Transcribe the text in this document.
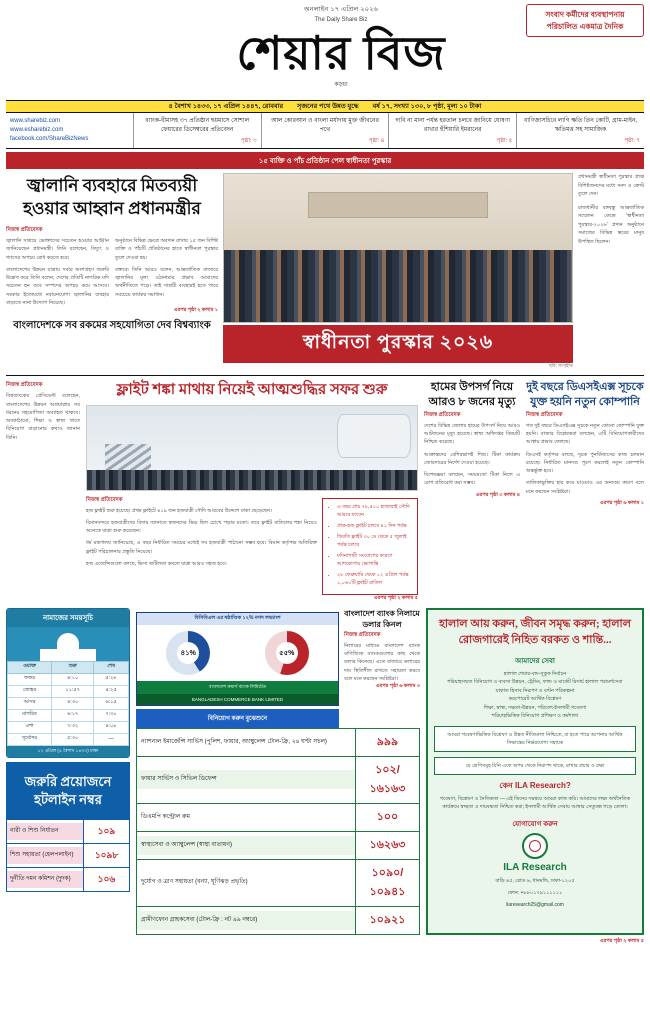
অনলাইন ১৭ এপ্রিল ২০২৬
The Daily Share Biz
শেয়ার বিজ
কড়চা
সংবাদ কর্মীদের ব্যবস্থাপনায় পরিচালিত একমাত্র দৈনিক
৪ বৈশাখ ১৪৩৩, ১৭ এপ্রিল ১৪৪৭, রোববার সৃজনের পথে উন্নত যুদ্ধে বর্ষ ১৭, সংখ্যা ১৩০, ৮ পৃষ্ঠা, মূল্য ১০ টাকা
www.sharebiz.com
www.esharebiz.com
facebook.com/ShareBizNews
ব্যাংক-বীমাসহ ৩৭ প্রতিষ্ঠান ছয়মাসে সোশাল ফেয়ারের ডিসেম্বরের প্রতিবেদন
পৃষ্ঠা: ৩
আল কোরআন ও বাংলা মর্যাদায় মুক্ত জীবনের পথে
পৃষ্ঠা: ৪
দাবি না মানা পর্যন্ত হরতাল চলবে জানিয়ে ঘোষণা রাখার হুঁশিয়ারি ইমরানের
পৃষ্ঠা: ৫
বাণিজ্যসচিবে লাগি ক্ষতি তিন কোটি, গ্রাম-মাইন, ঋতিমত্ত সহ সামাজিক
পৃষ্ঠা: ৭
১৫ ব্যক্তি ও পাঁচ প্রতিষ্ঠান পেল স্বাধীনতা পুরস্কার
জ্বালানি ব্যবহারে মিতব্যয়ী হওয়ার আহ্বান প্রধানমন্ত্রীর
নিজস্ব প্রতিবেদক

জ্বালানি সাশ্রয়ে ভোক্তাদের সচেতন হওয়ার আহ্বান জানিয়েছেন প্রধানমন্ত্রী। তিনি বলেছেন, বিদ্যুৎ ও গ্যাসের অপচয় রোধ করতে হবে।

বাংলাদেশের উন্নয়ন যাত্রায় সবার অংশগ্রহণ জরুরি উল্লেখ করে তিনি বলেন, দেশের প্রতিটি নাগরিক যদি সচেতন হন তবে সম্পদের অপচয় কমে আসবে। সরকার ইতোমধ্যে নবায়নযোগ্য জ্বালানির ব্যবহার বাড়াতে নানা উদ্যোগ নিয়েছে।

অনুষ্ঠানে বিভিন্ন ক্ষেত্রে অবদান রাখায় ১৫ জন বিশিষ্ট ব্যক্তি ও পাঁচটি প্রতিষ্ঠানের হাতে স্বাধীনতা পুরস্কার তুলে দেওয়া হয়।

বক্তব্যে তিনি আরও বলেন, আন্তর্জাতিক বাজারে জ্বালানির মূল্য ওঠানামার প্রভাব আমাদের অর্থনীতিতে পড়ে। তাই সাশ্রয়ী ব্যবহারই হতে পারে সবচেয়ে কার্যকর সমাধান।

এরপর পৃষ্ঠা ২ কলাম ১
বাংলাদেশকে সব রকমের সহযোগিতা দেব বিশ্বব্যাংক
স্বাধীনতা পুরস্কার ২০২৬
ছবি: সংগৃহীত

প্রধানমন্ত্রী স্বাধীনতা পুরস্কার প্রাপ্ত বিশিষ্টজনদের মধ্যে সনদ ও ক্রেস্ট তুলে দেন।

রাজধানীর বঙ্গবন্ধু আন্তর্জাতিক সম্মেলন কেন্দ্রে 'স্বাধীনতা পুরস্কার-২০২৬' প্রদান অনুষ্ঠানে সমাজের বিভিন্ন স্তরের মানুষ উপস্থিত ছিলেন।

নিজস্ব প্রতিবেদক
বিশ্বব্যাংকের প্রেসিডেন্ট বলেছেন, বাংলাদেশের উন্নয়ন অগ্রযাত্রায় সব ধরনের সহযোগিতা অব্যাহত থাকবে। অবকাঠামো, শিক্ষা ও স্বাস্থ্য খাতে বিনিয়োগ বাড়ানোর কথাও জানান তিনি।
ফ্লাইট শঙ্কা মাথায় নিয়েই আত্মশুদ্ধির সফর শুরু
নিজস্ব প্রতিবেদক

হজ ফ্লাইট শুরু হয়েছে। প্রথম ফ্লাইটে ৪১৯ জন হজযাত্রী সৌদি আরবের উদ্দেশে ঢাকা ছেড়েছেন।

বিমানবন্দরে হজযাত্রীদের বিদায় জানাতে স্বজনদের ভিড় ছিল চোখে পড়ার মতো। তবে ফ্লাইট বাতিলের শঙ্কা নিয়েও অনেকে যাত্রা শুরু করেছেন।

ধর্ম মন্ত্রণালয় জানিয়েছে, এ বছর নির্ধারিত সময়ের মধ্যেই সব হজযাত্রী পাঠানো সম্ভব হবে। বিমান কর্তৃপক্ষ অতিরিক্ত ফ্লাইট পরিচালনার প্রস্তুতি নিয়েছে।

হজ এজেন্সিগুলো বলছে, ভিসা জটিলতা কমলে যাত্রা আরও সহজ হবে।

• এ বছর প্রায় ৭৮,৫০০ হাজারাই সৌদি আরবে যাবেন
• প্রাক-হজ ফ্লাইট চলবে ৪১ দিন পর্যন্ত
• ফিরতি ফ্লাইট ৩০ মে থেকে ৫ জুলাই পর্যন্ত চলবে
• মদিনাগামী সংযোগের কারণে আশকোণায় ভোগান্তি
• ২৮ ফেব্রুয়ারি থেকে ১২ এপ্রিল পর্যন্ত ১,০৬০টি ফ্লাইট বাতিল
এরপর পৃষ্ঠা ২ কলাম ৫
হামের উপসর্গ নিয়ে আরও ৮ জনের মৃত্যু
নিজস্ব প্রতিবেদক

দেশের বিভিন্ন জেলায় হামের উপসর্গ নিয়ে আরও আটজনের মৃত্যু হয়েছে। স্বাস্থ্য অধিদপ্তর বিষয়টি নিশ্চিত করেছে।

আক্রান্তদের বেশিরভাগই শিশু। টিকা কার্যক্রম জোরদারের নির্দেশ দেওয়া হয়েছে।

বিশেষজ্ঞরা বলছেন, সময়মতো টিকা নিলে এ রোগ প্রতিরোধ করা সম্ভব।

এরপর পৃষ্ঠা ৩ কলাম ৪
দুই বছরে ডিএসইএক্স সূচকে যুক্ত হয়নি নতুন কোম্পানি
নিজস্ব প্রতিবেদক

গত দুই বছরে ডিএসইএক্স সূচকে নতুন কোনো কোম্পানি যুক্ত হয়নি। বাজার বিশ্লেষকরা বলছেন, এটি বিনিয়োগকারীদের আস্থায় প্রভাব ফেলছে।

ডিএসই কর্তৃপক্ষ বলছে, সূচক পুনর্বিন্যাসের কাজ চলমান রয়েছে। নির্ধারিত মানদণ্ড পূরণ করলেই নতুন কোম্পানি অন্তর্ভুক্ত হবে।

তালিকাভুক্তির হার কমে যাওয়াও এর অন্যতম কারণ বলে মনে করছেন সংশ্লিষ্টরা।

এরপর পৃষ্ঠা ৬ কলাম ১
নামাজের সময়সূচি
ওয়াক্ত	শুরু	শেষ
ফজর	৪:১০	৫:২৮
জোহর	১১:৫৭	৪:২৫
আসর	৪:৩০	৬:১৫
মাগরিব	৬:১৭	৭:৩০
এশা	৭:৩২	৪:০৮
সূর্যোদয়	৫:৩০	—
১২ এপ্রিল (৪ বৈশাখ ১৪৩৩) ঢাকা
জরুরি প্রয়োজনে হটলাইন নম্বর
নারী ও শিশু নির্যাতন	১০৯
শিশু সহায়তা (হেলপলাইন)	১০৯৮
দুর্নীতি দমন কমিশন (দুদক)	১০৬
বিসিবিএল এর ষষ্ঠাণ্ডিক ১২% নগদ লভ্যাংশ
৪১%	৫৫%
বাংলাদেশ কমার্স ব্যাংক লিমিটেড
BANGLADESH COMMERCE BANK LIMITED
বিনিয়োগ করুন বুঝেশুনে
বাংলাদেশ ব্যাংক নিলামে ডলার কিনল
নিজস্ব প্রতিবেদক
নিলামের মাধ্যমে বাংলাদেশ ব্যাংক বাণিজ্যিক ব্যাংকগুলোর কাছ থেকে ডলার কিনেছে। এতে বাজারে ডলারের দাম স্থিতিশীল রাখতে সহায়তা করবে বলে মনে করছেন সংশ্লিষ্টরা।
এরপর পৃষ্ঠা ৬ কলাম ৩
ন্যাশনাল ইমার্জেন্সি সার্ভিস (পুলিশ, ফায়ার, অ্যাম্বুলেন্স টোল-ফ্রি, ২৪ ঘণ্টা সচল)	৯৯৯
ফায়ার সার্ভিস ও সিভিল ডিফেন্স
১০২/ ১৬১৬৩
ডিএমপি কন্ট্রোল রুম	১০০
স্বাস্থ্যসেবা ও অ্যাম্বুলেন্স (স্বাস্থ্য বাতায়ন)	১৬২৬৩
দুর্যোগ ও ত্রাণ সহায়তা (বন্যা, ঘূর্ণিঝড় প্রভৃতি)
১০৯০/ ১০৯৪১
গ্রামীণফোন গ্রাহকসেবা (টোল-ফ্রি : নট ৯৯ নম্বরে)	১০৯২১
হালাল আয় করুন, জীবন সমৃদ্ধ করুন; হালাল রোজগারেই নিহিত বরকত ও শান্তি...
আমাদের সেবা
হালাল শেয়ার-বন্ড-সুকুক নির্বাচন
শরিয়াহসম্মত বিনিয়োগ ও ব্যবসা উন্নয়ন, ট্রেডিং, ফান্ড ও মার্কেট রিসার্চ হালাল পরামর্শসেবা
যাকাত হিসাব নিরূপণ ও বণ্টন পরিকল্পনা
করপোরেট আর্থিক বিশ্লেষণ
শিক্ষা, স্বাস্থ্য, দক্ষতা-উন্নয়ন, পরিবেশ-ইসলামী গবেষণা
শরিয়াহভিত্তিক বিনিয়োগ প্রশিক্ষণ ও কর্মশালা
আমরা গবেষণাভিত্তিক বিশ্লেষণ ও উন্নত নীতিমালা নিশ্চিতে, যা হতে পারে আপনার আর্থিক সিদ্ধান্তের নির্ভরযোগ্য সহায়ক
যে শ্রেণিসমূহ যিনি একে অপর থেকে নিরাপদ থাকে, রাখার প্রচার ও রক্ষা
কেন ILA Research?
গবেষণা, বিশ্লেষণ ও নৈতিকতা — এই তিনের সমন্বয়ে আমরা কাজ করি। আমাদের লক্ষ্য অর্থনৈতিক কার্যক্রমে স্বচ্ছতা ও দায়বদ্ধতা নিশ্চিত করা; ইসলামী আর্থিক সেবায় আস্থার সেতুবন্ধ গড়ে তোলা।
যোগাযোগ করুন
ILA Research
বাড়ি ৪৫, রোড ৬, ধানমন্ডি, ঢাকা-১২০৫
ফোন: +৮৮০১৭৯১১১১১১
ilaresearch25@gmail.com
এরপর পৃষ্ঠা ২ কলাম ৫
